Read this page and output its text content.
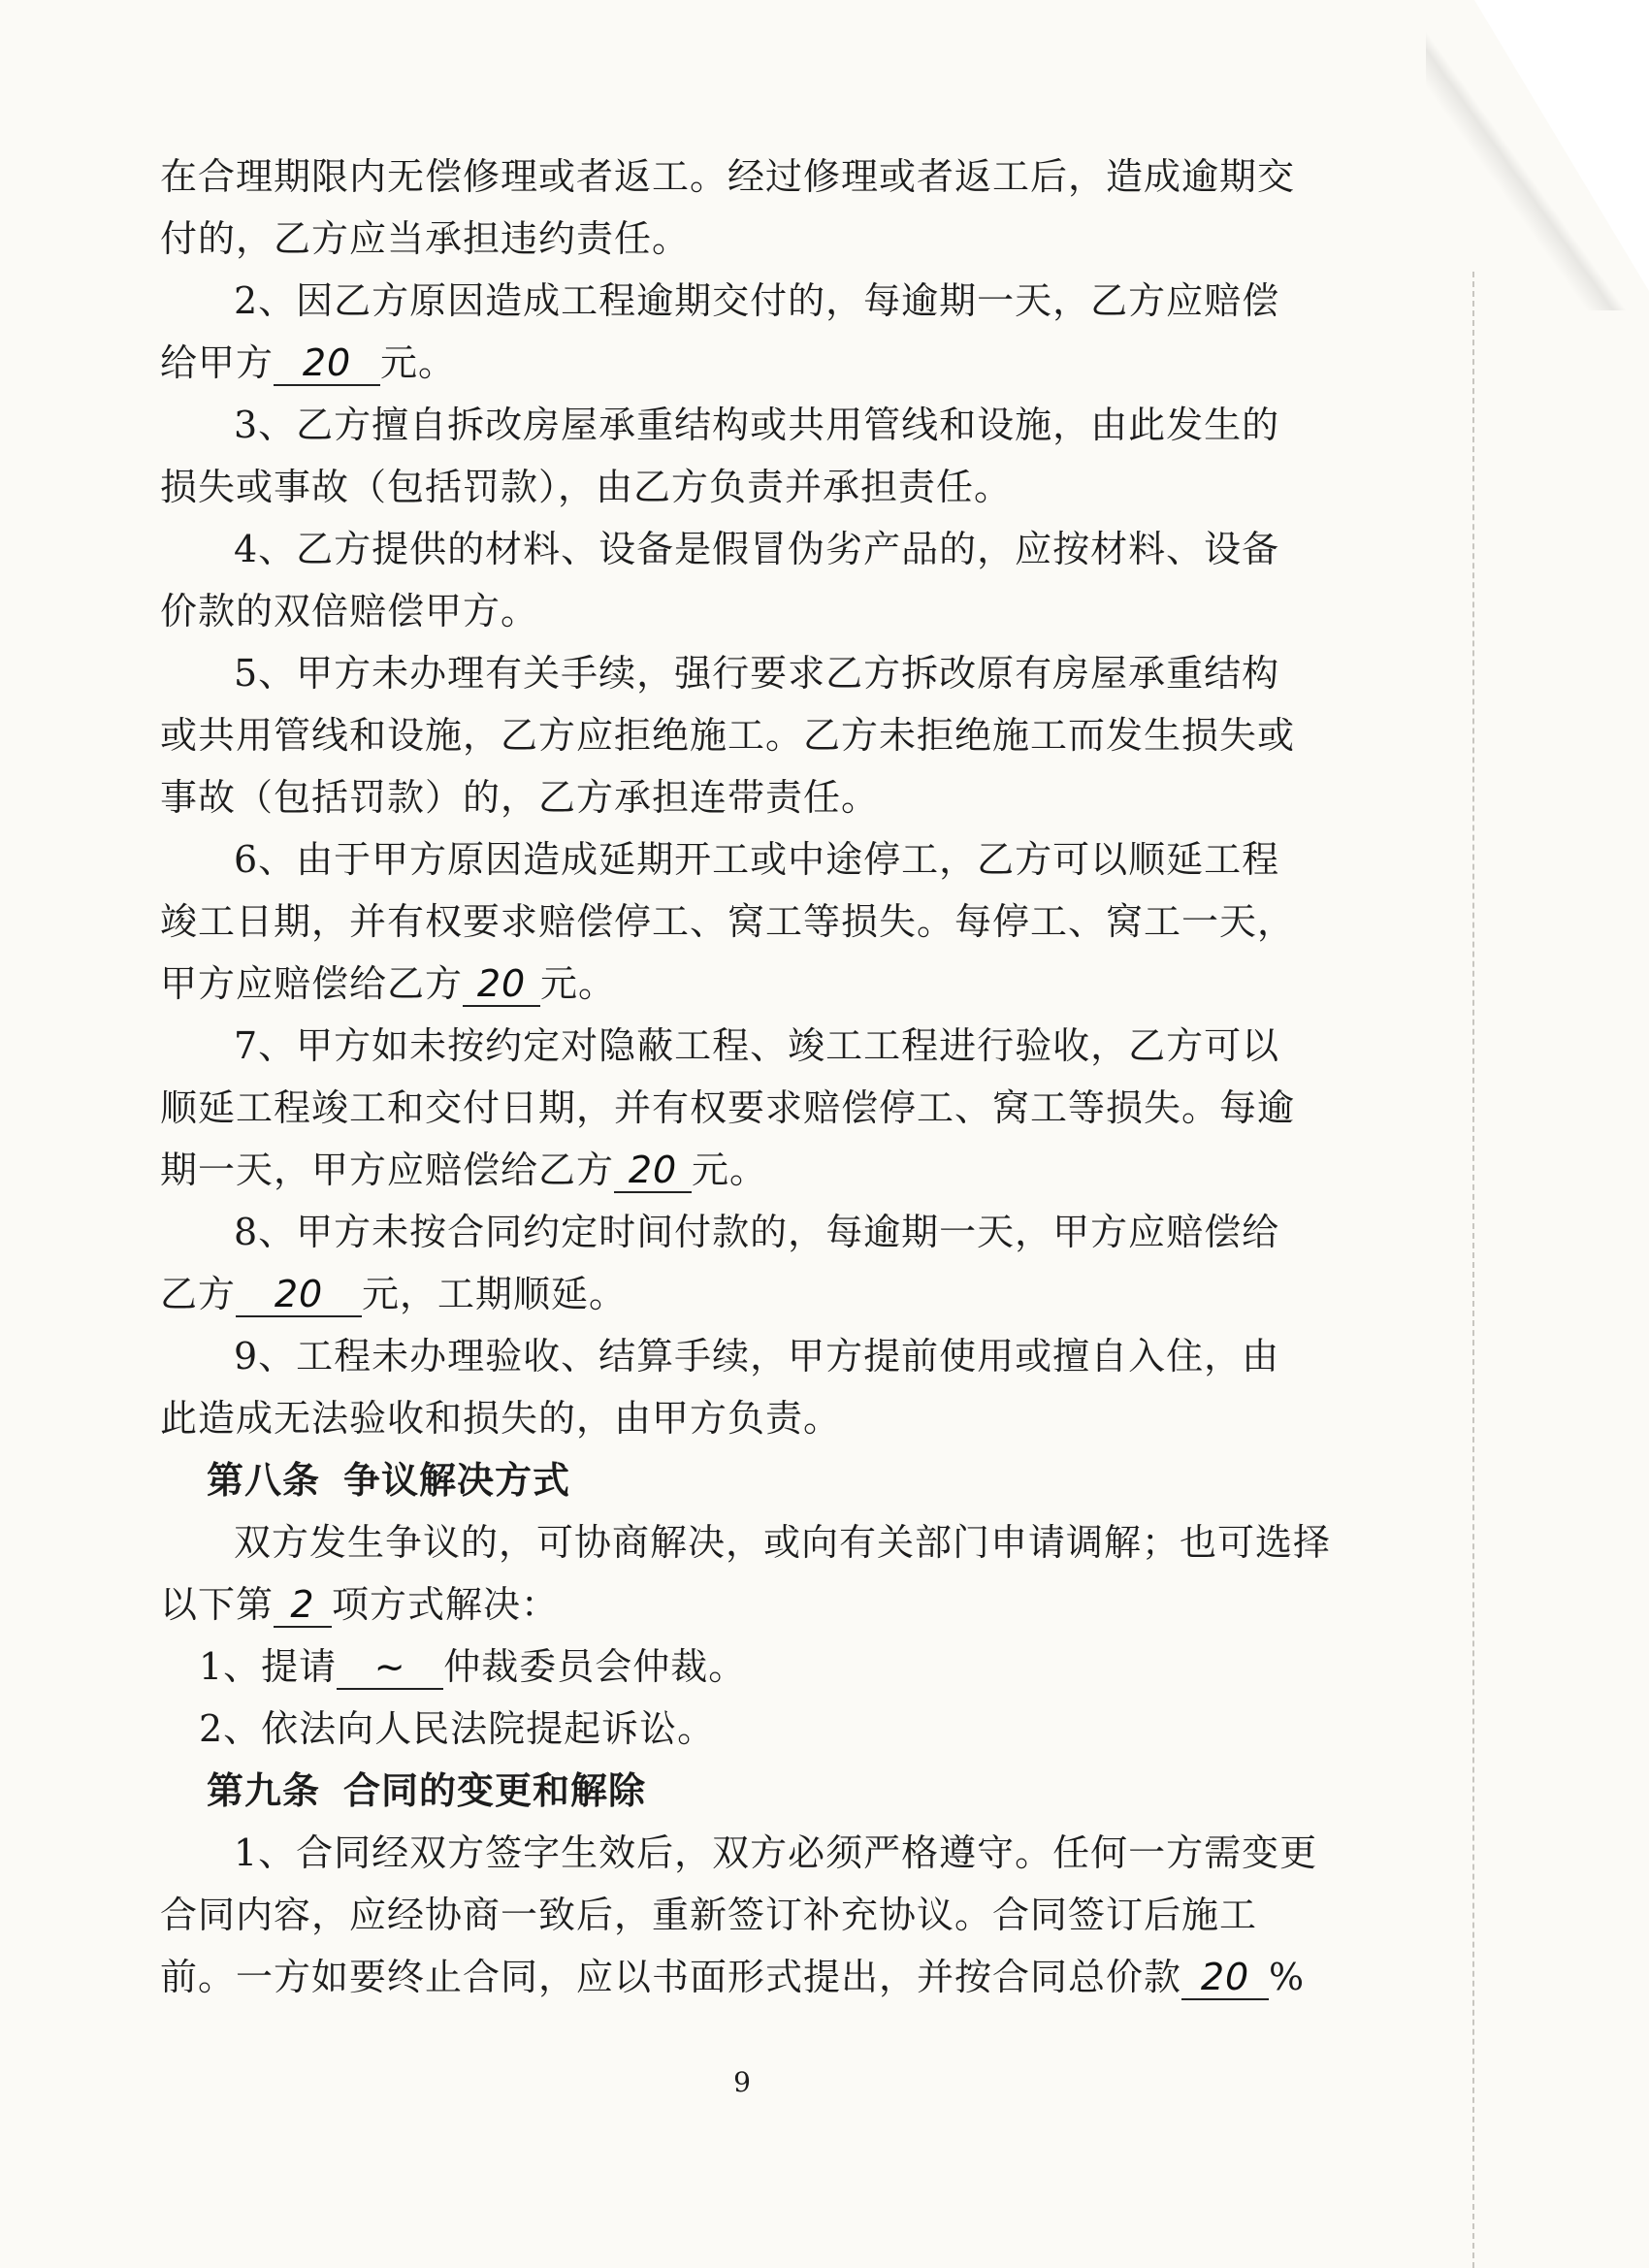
在合理期限内无偿修理或者返工。经过修理或者返工后，造成逾期交
付的，乙方应当承担违约责任。
2、因乙方原因造成工程逾期交付的，每逾期一天，乙方应赔偿
给甲方 20 元。
3、乙方擅自拆改房屋承重结构或共用管线和设施，由此发生的
损失或事故（包括罚款），由乙方负责并承担责任。
4、乙方提供的材料、设备是假冒伪劣产品的，应按材料、设备
价款的双倍赔偿甲方。
5、甲方未办理有关手续，强行要求乙方拆改原有房屋承重结构
或共用管线和设施，乙方应拒绝施工。乙方未拒绝施工而发生损失或
事故（包括罚款）的，乙方承担连带责任。
6、由于甲方原因造成延期开工或中途停工，乙方可以顺延工程
竣工日期，并有权要求赔偿停工、窝工等损失。每停工、窝工一天，
甲方应赔偿给乙方 20 元。
7、甲方如未按约定对隐蔽工程、竣工工程进行验收，乙方可以
顺延工程竣工和交付日期，并有权要求赔偿停工、窝工等损失。每逾
期一天，甲方应赔偿给乙方 20 元。
8、甲方未按合同约定时间付款的，每逾期一天，甲方应赔偿给
乙方 20 元，工期顺延。
9、工程未办理验收、结算手续，甲方提前使用或擅自入住，由
此造成无法验收和损失的，由甲方负责。
第八条 争议解决方式
双方发生争议的，可协商解决，或向有关部门申请调解；也可选择
以下第 2 项方式解决：
1、提请 ~ 仲裁委员会仲裁。
2、依法向人民法院提起诉讼。
第九条 合同的变更和解除
1、合同经双方签字生效后，双方必须严格遵守。任何一方需变更
合同内容，应经协商一致后，重新签订补充协议。合同签订后施工
前。一方如要终止合同，应以书面形式提出，并按合同总价款 20 %
9
